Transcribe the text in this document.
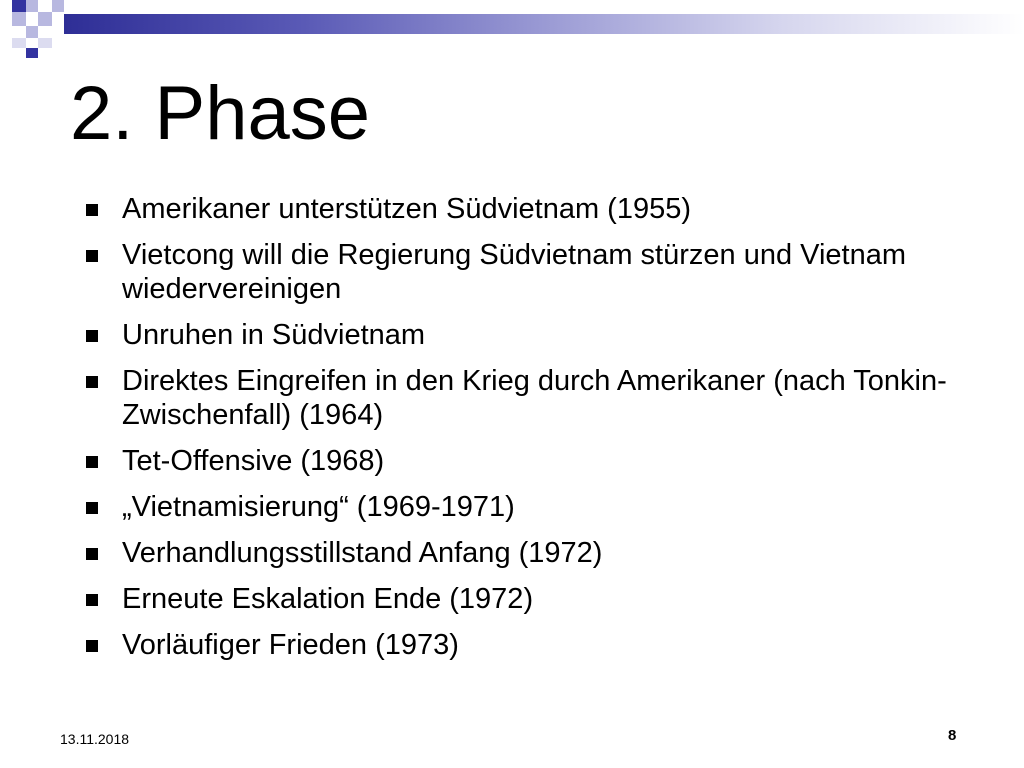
2. Phase
Amerikaner unterstützen Südvietnam (1955)
Vietcong will die Regierung Südvietnam stürzen und Vietnam wiedervereinigen
Unruhen in Südvietnam
Direktes Eingreifen in den Krieg durch Amerikaner (nach Tonkin-Zwischenfall) (1964)
Tet-Offensive (1968)
„Vietnamisierung“ (1969-1971)
Verhandlungsstillstand Anfang (1972)
Erneute Eskalation Ende (1972)
Vorläufiger Frieden (1973)
13.11.2018	8
